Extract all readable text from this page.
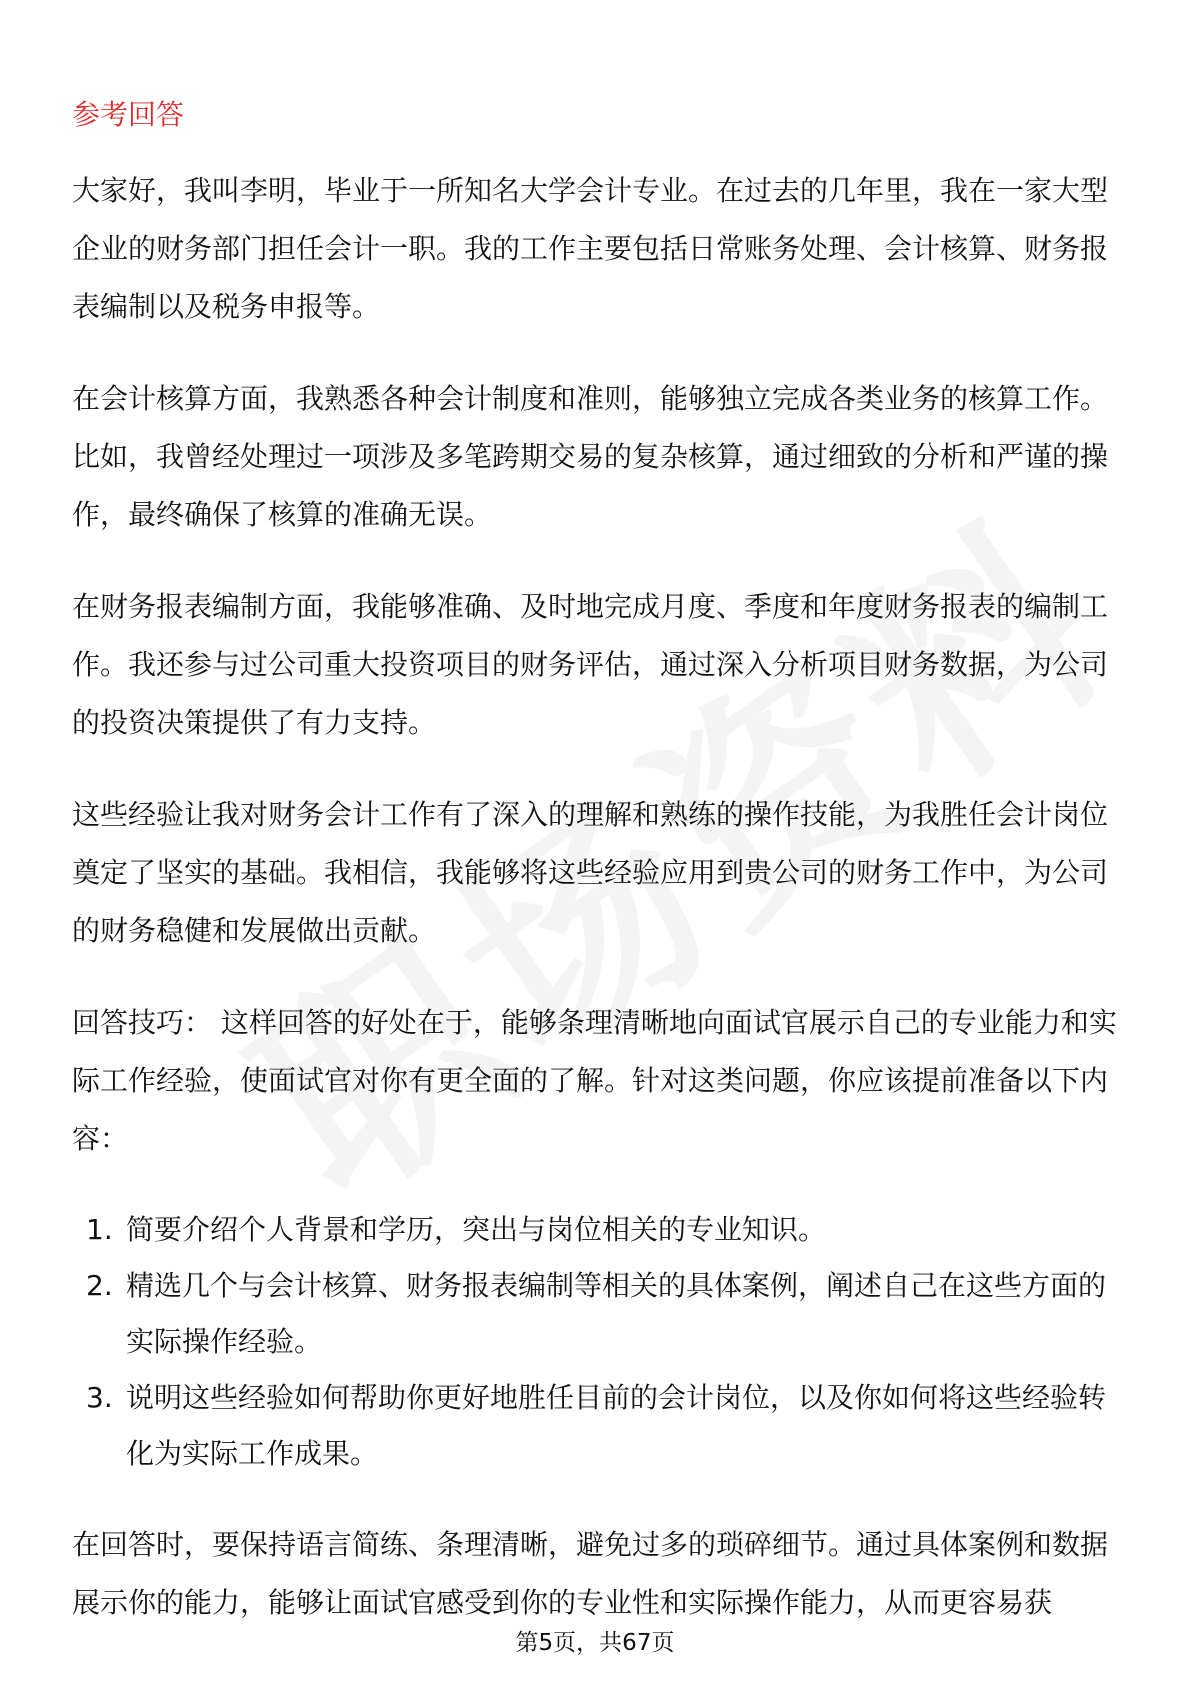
参考回答

大家好，我叫李明，毕业于一所知名大学会计专业。在过去的几年里，我在一家大型企业的财务部门担任会计一职。我的工作主要包括日常账务处理、会计核算、财务报表编制以及税务申报等。

在会计核算方面，我熟悉各种会计制度和准则，能够独立完成各类业务的核算工作。比如，我曾经处理过一项涉及多笔跨期交易的复杂核算，通过细致的分析和严谨的操作，最终确保了核算的准确无误。

在财务报表编制方面，我能够准确、及时地完成月度、季度和年度财务报表的编制工作。我还参与过公司重大投资项目的财务评估，通过深入分析项目财务数据，为公司的投资决策提供了有力支持。

这些经验让我对财务会计工作有了深入的理解和熟练的操作技能，为我胜任会计岗位奠定了坚实的基础。我相信，我能够将这些经验应用到贵公司的财务工作中，为公司的财务稳健和发展做出贡献。

回答技巧： 这样回答的好处在于，能够条理清晰地向面试官展示自己的专业能力和实际工作经验，使面试官对你有更全面的了解。针对这类问题，你应该提前准备以下内容：

1. 简要介绍个人背景和学历，突出与岗位相关的专业知识。
2. 精选几个与会计核算、财务报表编制等相关的具体案例，阐述自己在这些方面的实际操作经验。
3. 说明这些经验如何帮助你更好地胜任目前的会计岗位，以及你如何将这些经验转化为实际工作成果。

在回答时，要保持语言简练、条理清晰，避免过多的琐碎细节。通过具体案例和数据展示你的能力，能够让面试官感受到你的专业性和实际操作能力，从而更容易获

第5页，共67页
